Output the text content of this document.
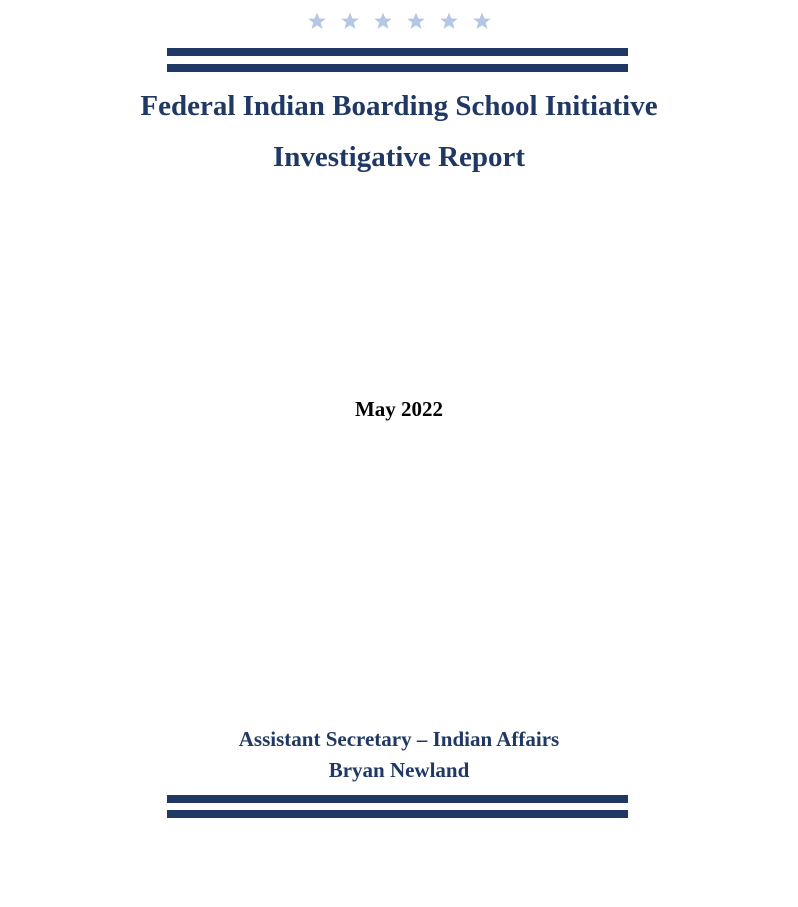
Federal Indian Boarding School Initiative
Investigative Report
May 2022
Assistant Secretary – Indian Affairs
Bryan Newland
